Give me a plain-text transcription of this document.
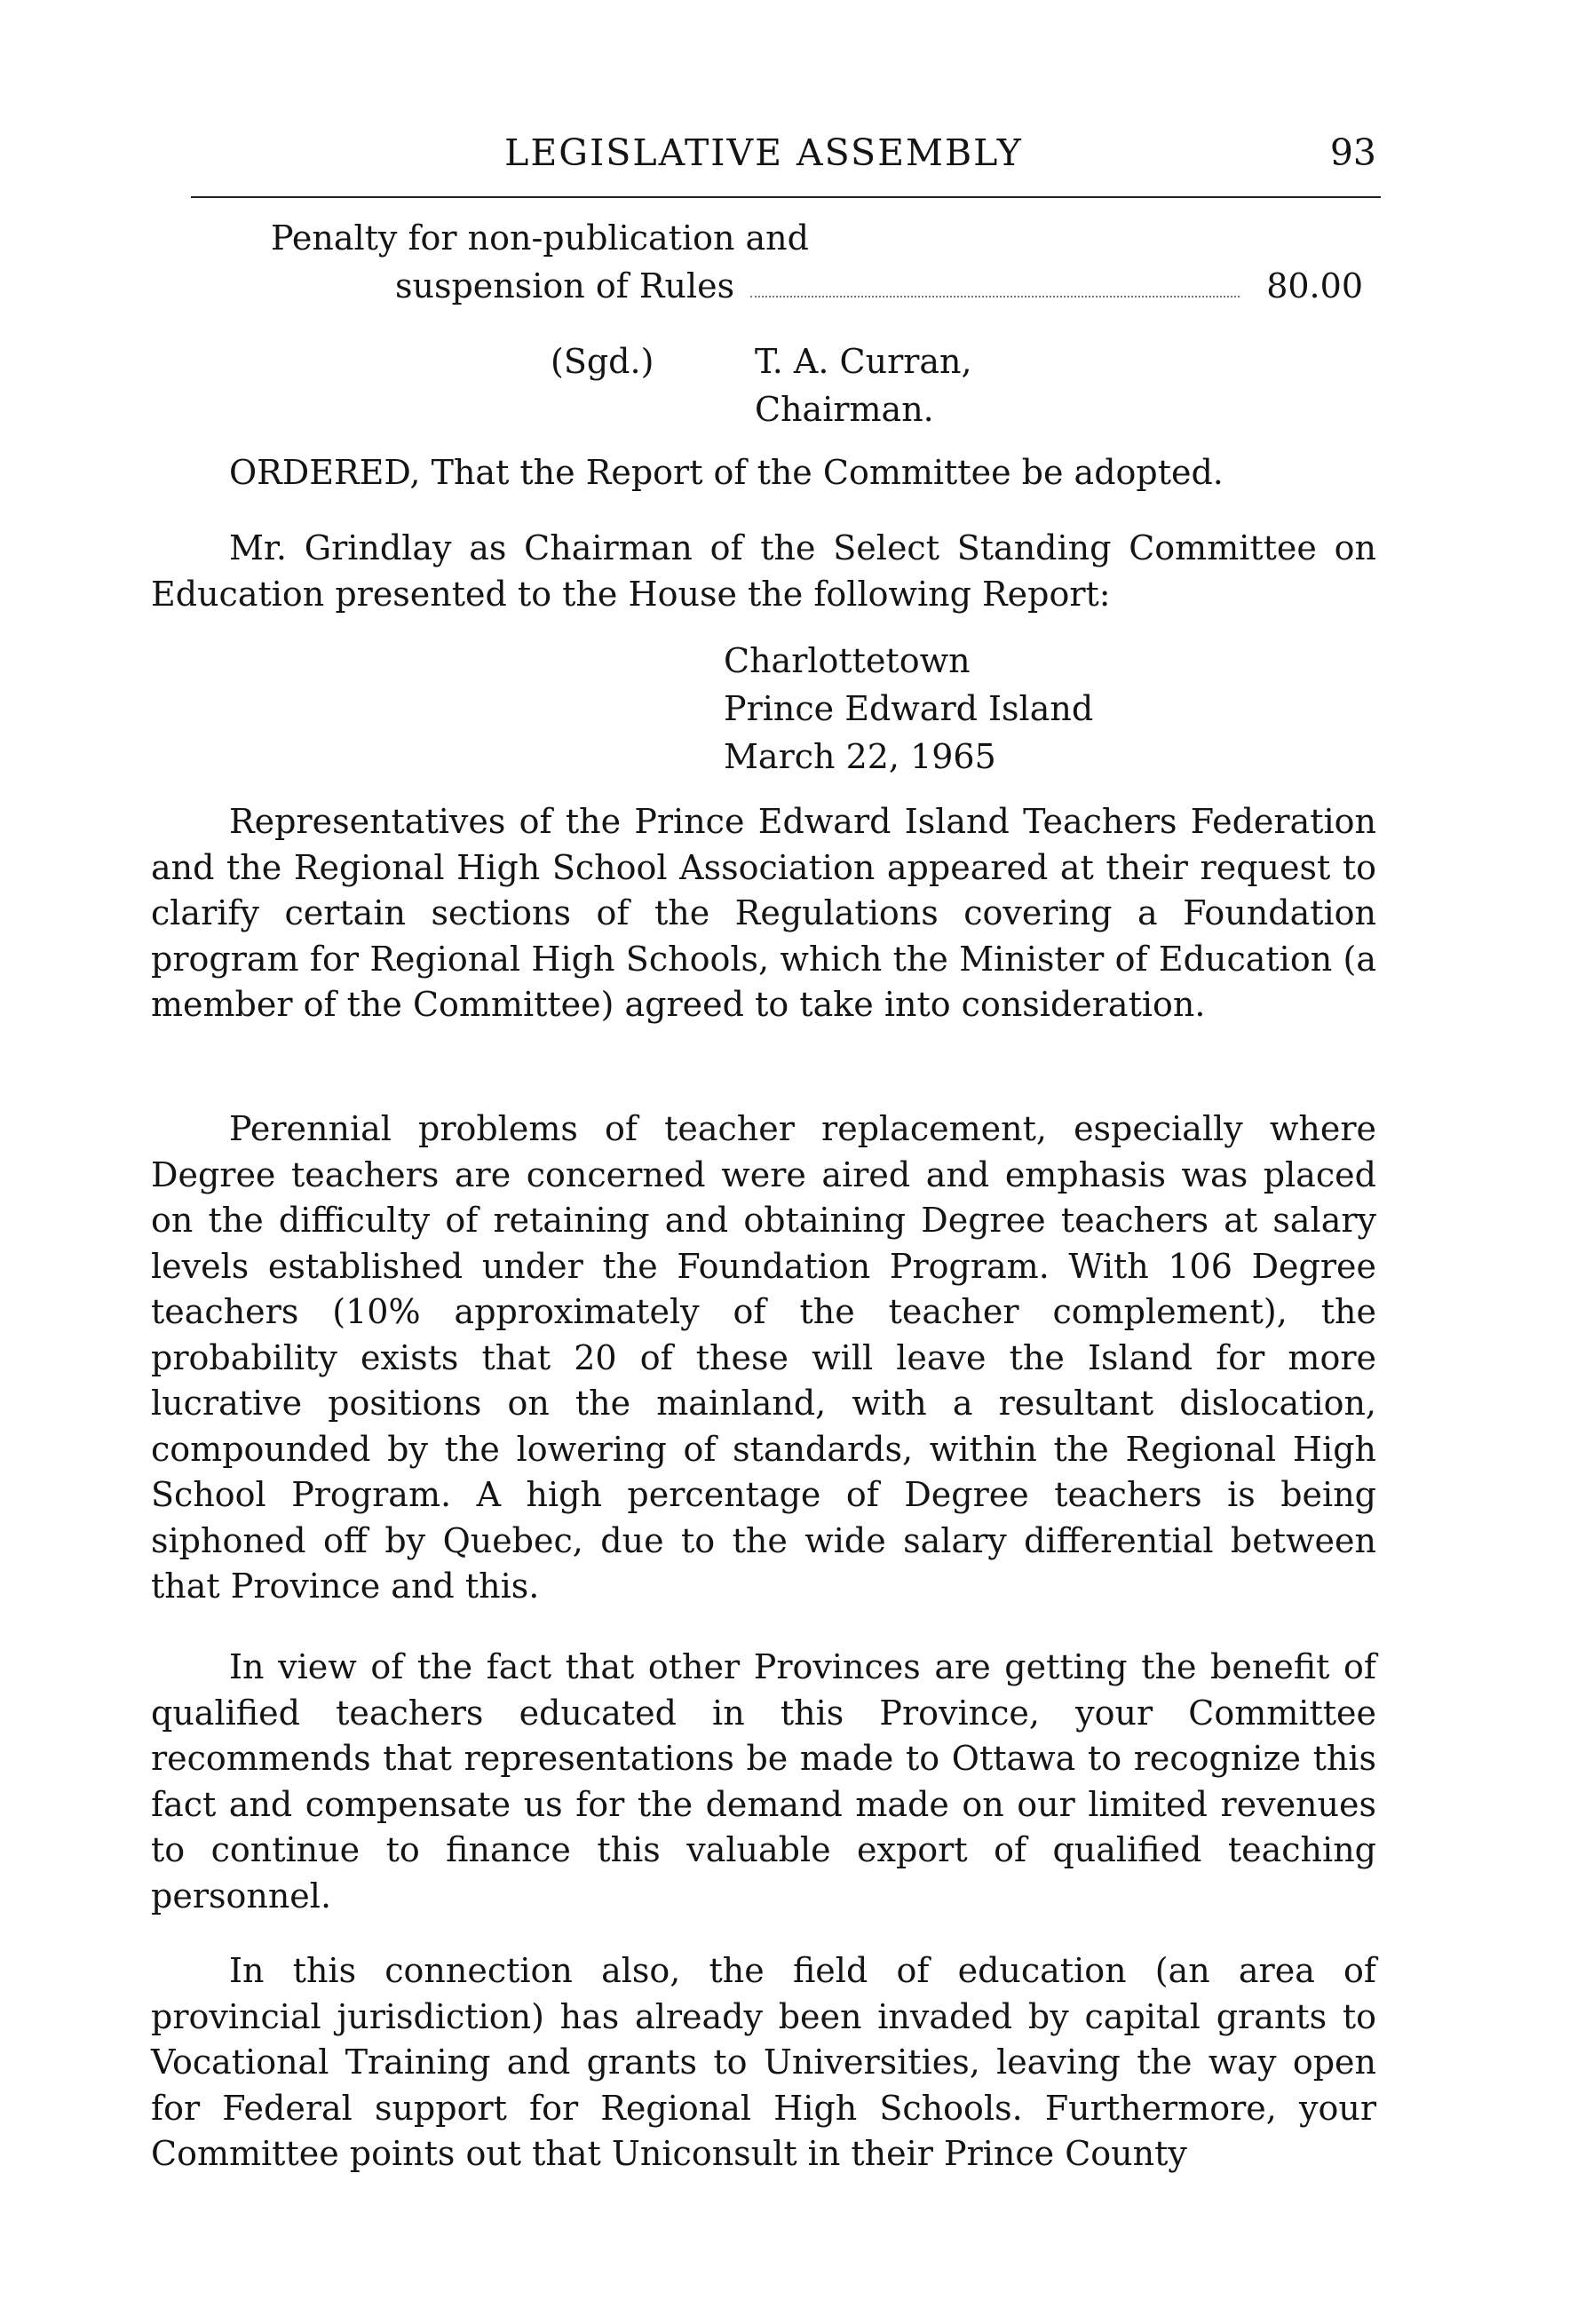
LEGISLATIVE ASSEMBLY	93
Penalty for non-publication and
suspension of Rules	80.00
(Sgd.)	T. A. Curran,
Chairman.
ORDERED, That the Report of the Committee be adopted.

Mr. Grindlay as Chairman of the Select Standing Committee on Education presented to the House the following Report:

Charlottetown
Prince Edward Island
March 22, 1965

Representatives of the Prince Edward Island Teachers Federation and the Regional High School Association appeared at their request to clarify certain sections of the Regulations covering a Foundation program for Regional High Schools, which the Minister of Education (a member of the Committee) agreed to take into consideration.

Perennial problems of teacher replacement, especially where Degree teachers are concerned were aired and emphasis was placed on the difficulty of retaining and obtaining Degree teachers at salary levels established under the Foundation Program. With 106 Degree teachers (10% approximately of the teacher complement), the probability exists that 20 of these will leave the Island for more lucrative positions on the mainland, with a resultant dislocation, compounded by the lowering of standards, within the Regional High School Program. A high percentage of Degree teachers is being siphoned off by Quebec, due to the wide salary differential between that Province and this.

In view of the fact that other Provinces are getting the benefit of qualified teachers educated in this Province, your Committee recommends that representations be made to Ottawa to recognize this fact and compensate us for the demand made on our limited revenues to continue to finance this valuable export of qualified teaching personnel.

In this connection also, the field of education (an area of provincial jurisdiction) has already been invaded by capital grants to Vocational Training and grants to Universities, leaving the way open for Federal support for Regional High Schools. Furthermore, your Committee points out that Uniconsult in their Prince County
